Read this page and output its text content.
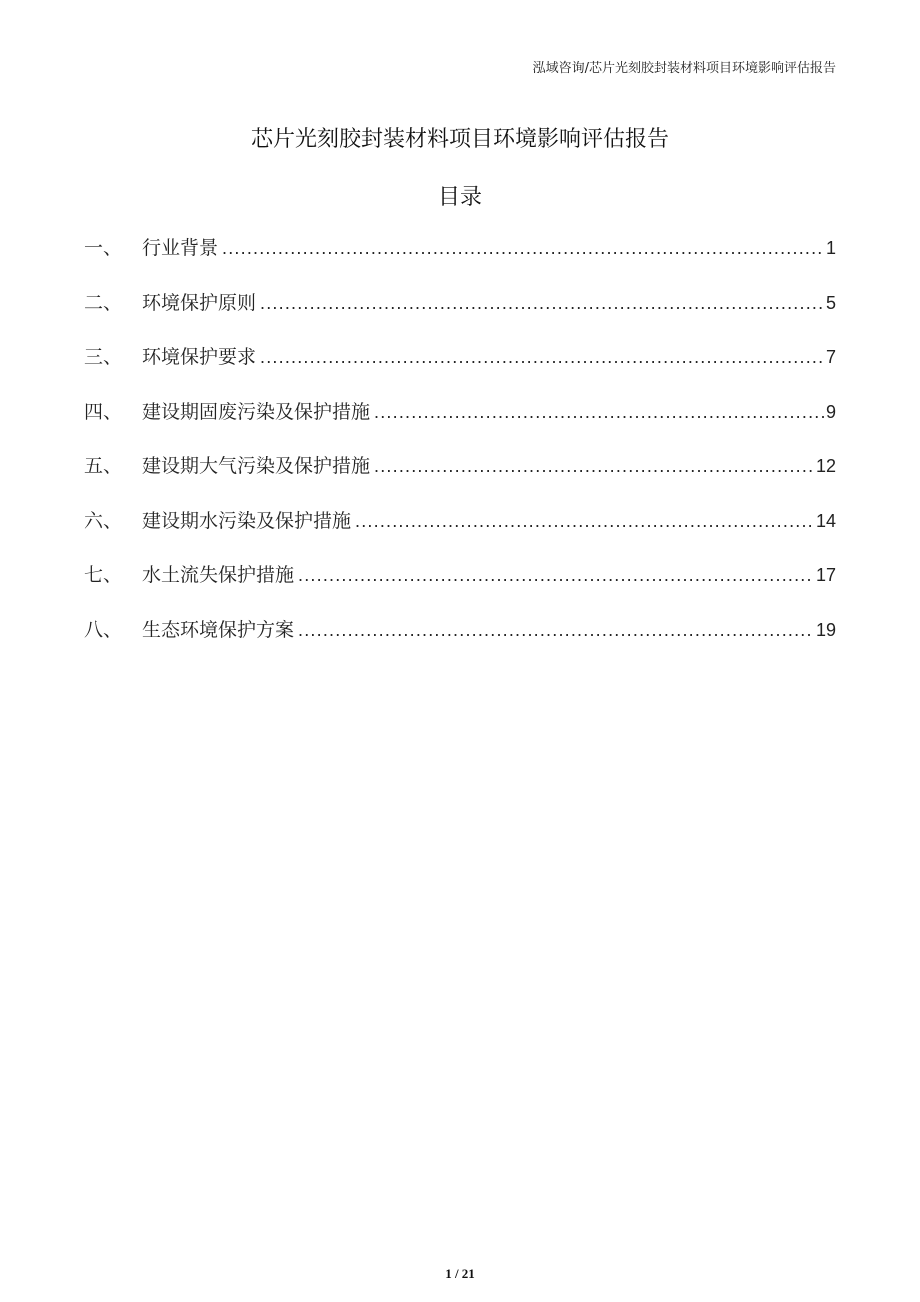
泓域咨询/芯片光刻胶封装材料项目环境影响评估报告
芯片光刻胶封装材料项目环境影响评估报告
目录
一、	行业背景 .....	1
二、	环境保护原则 .....	5
三、	环境保护要求 .....	7
四、	建设期固废污染及保护措施 .....	9
五、	建设期大气污染及保护措施 .....	12
六、	建设期水污染及保护措施 .....	14
七、	水土流失保护措施 .....	17
八、	生态环境保护方案 .....	19
1 / 21
